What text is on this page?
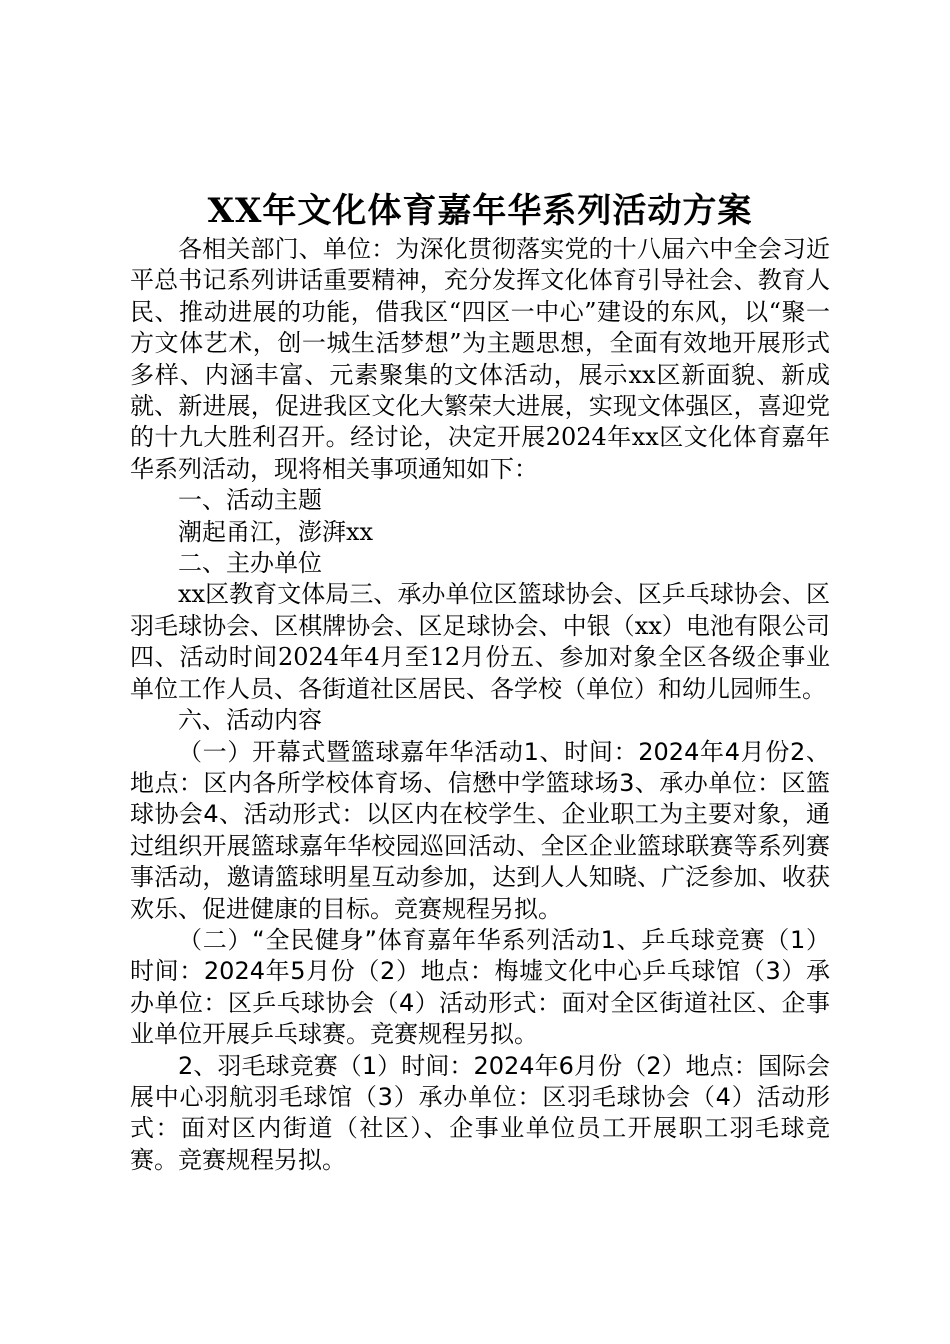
XX年文化体育嘉年华系列活动方案

各相关部门、单位：为深化贯彻落实党的十八届六中全会习近平总书记系列讲话重要精神，充分发挥文化体育引导社会、教育人民、推动进展的功能，借我区“四区一中心”建设的东风，以“聚一方文体艺术，创一城生活梦想”为主题思想，全面有效地开展形式多样、内涵丰富、元素聚集的文体活动，展示xx区新面貌、新成就、新进展，促进我区文化大繁荣大进展，实现文体强区，喜迎党的十九大胜利召开。经讨论，决定开展2024年xx区文化体育嘉年华系列活动，现将相关事项通知如下：

一、活动主题

潮起甬江，澎湃xx

二、主办单位

xx区教育文体局三、承办单位区篮球协会、区乒乓球协会、区羽毛球协会、区棋牌协会、区足球协会、中银（xx）电池有限公司四、活动时间2024年4月至12月份五、参加对象全区各级企事业单位工作人员、各街道社区居民、各学校（单位）和幼儿园师生。

六、活动内容

（一）开幕式暨篮球嘉年华活动1、时间：2024年4月份2、地点：区内各所学校体育场、信懋中学篮球场3、承办单位：区篮球协会4、活动形式：以区内在校学生、企业职工为主要对象，通过组织开展篮球嘉年华校园巡回活动、全区企业篮球联赛等系列赛事活动，邀请篮球明星互动参加，达到人人知晓、广泛参加、收获欢乐、促进健康的目标。竞赛规程另拟。

（二）“全民健身”体育嘉年华系列活动1、乒乓球竞赛（1）时间：2024年5月份（2）地点：梅墟文化中心乒乓球馆（3）承办单位：区乒乓球协会（4）活动形式：面对全区街道社区、企事业单位开展乒乓球赛。竞赛规程另拟。

2、羽毛球竞赛（1）时间：2024年6月份（2）地点：国际会展中心羽航羽毛球馆（3）承办单位：区羽毛球协会（4）活动形式：面对区内街道（社区）、企事业单位员工开展职工羽毛球竞赛。竞赛规程另拟。
